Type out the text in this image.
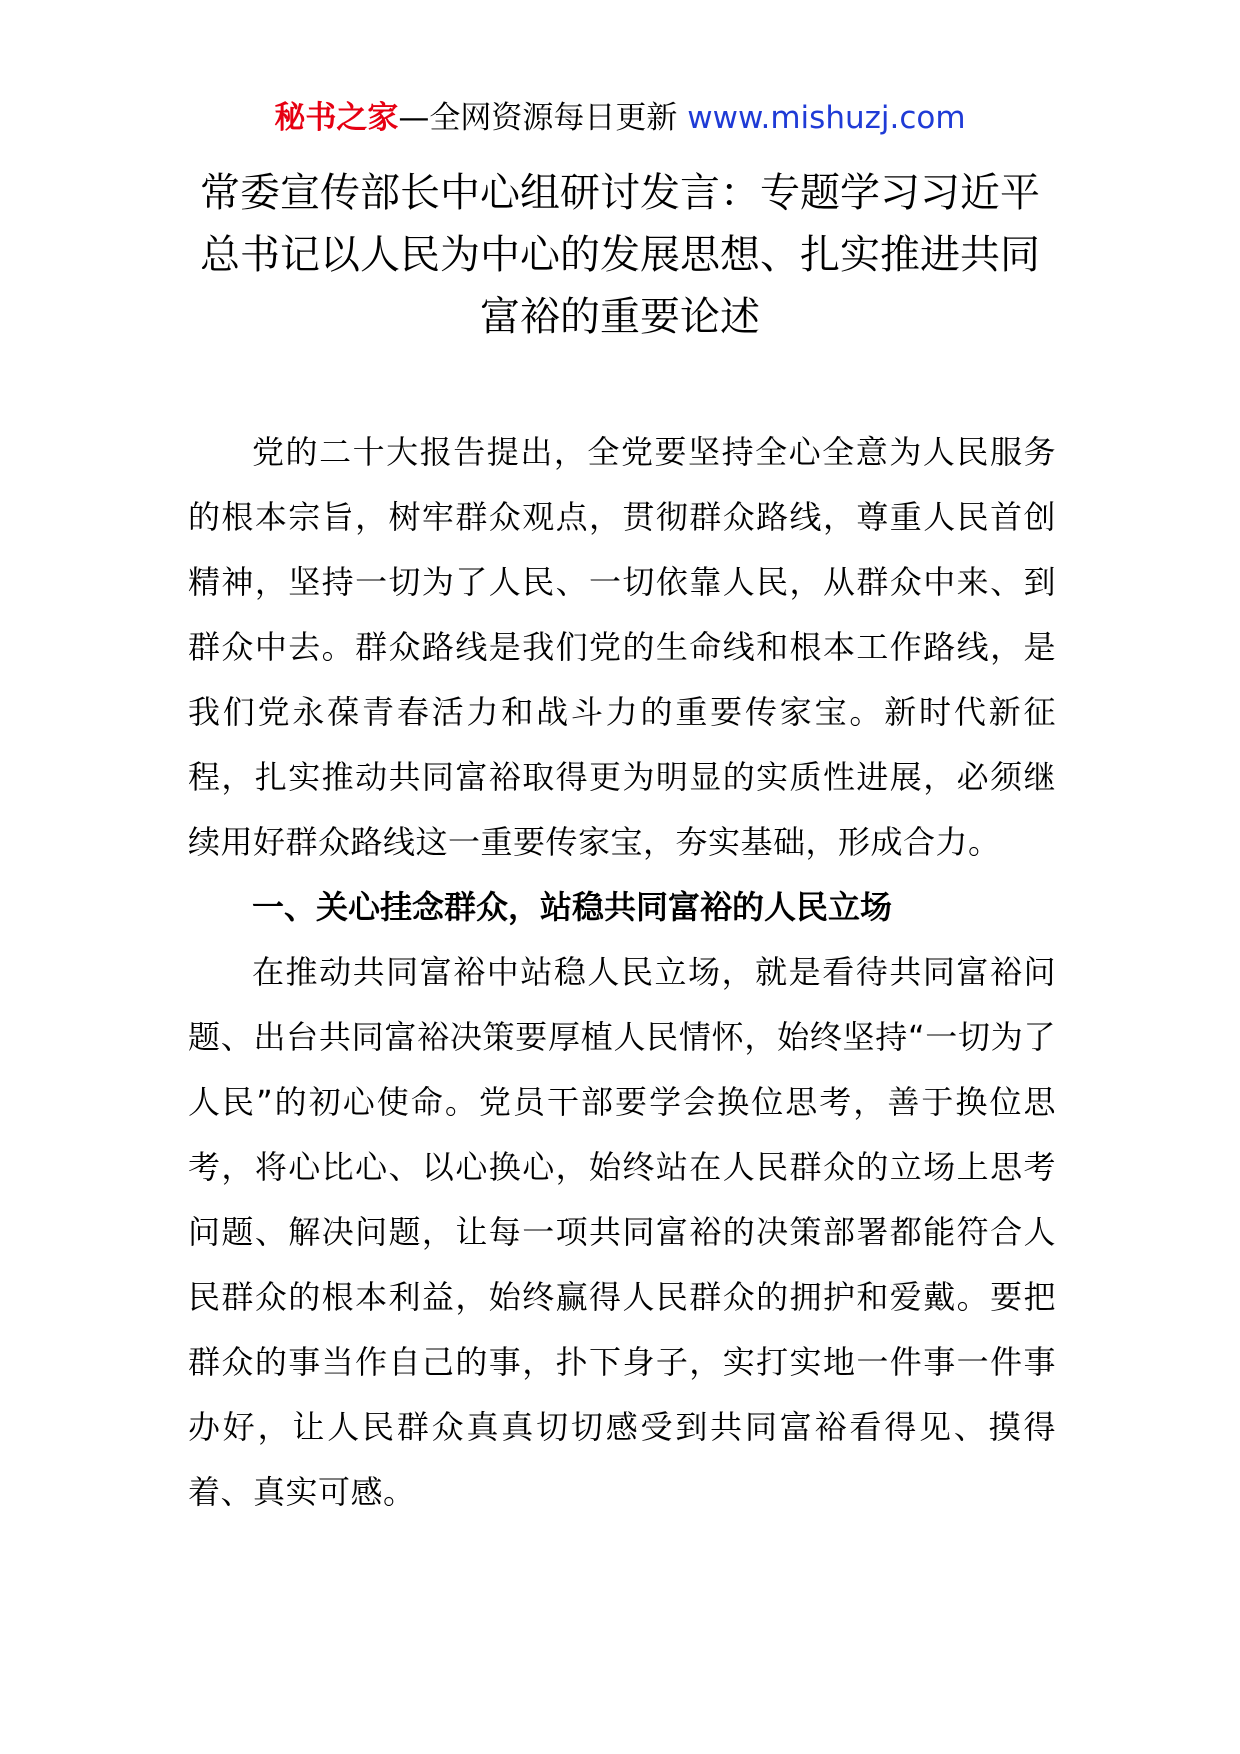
秘书之家—全网资源每日更新 www.mishuzj.com
常委宣传部长中心组研讨发言：专题学习习近平总书记以人民为中心的发展思想、扎实推进共同富裕的重要论述

党的二十大报告提出，全党要坚持全心全意为人民服务的根本宗旨，树牢群众观点，贯彻群众路线，尊重人民首创精神，坚持一切为了人民、一切依靠人民，从群众中来、到群众中去。群众路线是我们党的生命线和根本工作路线，是我们党永葆青春活力和战斗力的重要传家宝。新时代新征程，扎实推动共同富裕取得更为明显的实质性进展，必须继续用好群众路线这一重要传家宝，夯实基础，形成合力。

一、关心挂念群众，站稳共同富裕的人民立场

在推动共同富裕中站稳人民立场，就是看待共同富裕问题、出台共同富裕决策要厚植人民情怀，始终坚持“一切为了人民”的初心使命。党员干部要学会换位思考，善于换位思考，将心比心、以心换心，始终站在人民群众的立场上思考问题、解决问题，让每一项共同富裕的决策部署都能符合人民群众的根本利益，始终赢得人民群众的拥护和爱戴。要把群众的事当作自己的事，扑下身子，实打实地一件事一件事办好，让人民群众真真切切感受到共同富裕看得见、摸得着、真实可感。
